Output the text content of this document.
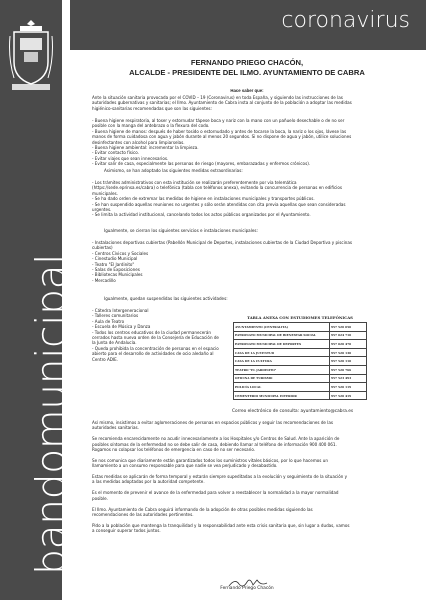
bandomunicipal
coronavirus
FERNANDO PRIEGO CHACÓN,
ALCALDE - PRESIDENTE DEL ILMO. AYUNTAMIENTO DE CABRA
Hace saber que:
Ante la situación sanitaria provocada por el COVID – 19 (Coronavirus) en toda España, y siguiendo las instrucciones de las
autoridades gubernativas y sanitarias; el Ilmo. Ayuntamiento de Cabra insta al conjunto de la población a adoptar las medidas
higiénico-sanitarias recomendadas que son las siguientes:
- Buena higiene respiratoria, al toser y estornudar tápese boca y nariz con la mano con un pañuelo desechable o de no ser
posible con la manga del antebrazo o la flexura del codo.
- Buena higiene de manos: después de haber tosido o estornudado y antes de tocarse la boca, la nariz o los ojos, lávese las
manos de forma cuidadosa con agua y jabón durante al menos 20 segundos. Si no dispone de agua y jabón, utilice soluciones
desinfectantes con alcohol para limpiarselas.
- Buena higiene ambiental: incrementar la limpieza.
- Evitar contacto físico.
- Evitar viajes que sean innecesarios.
- Evitar salir de casa, especialmente las personas de riesgo (mayores, embarazadas y enfermos crónicos).
Asimismo, se han adoptado las siguientes medidas extraordinarias:
- Los trámites administrativos con esta institución se realizarán preferentemente por vía telemática
(https://sede.eprinsa.es/cabra) o telefónica (tabla con teléfonos anexa), evitando la concurrencia de personas en edificios
municipales.
- Se ha dado orden de extremar las medidas de higiene en instalaciones municipales y transportes públicos.
- Se han suspendido aquellas reuniones no urgentes y sólo serán atendidas con cita previa aquellas que sean consideradas
urgentes.
- Se limita la actividad institucional, cancelando todos los actos públicos organizados por el Ayuntamiento.
Igualmente, se cierran los siguientes servicios e instalaciones municipales:
- Instalaciones deportivas cubiertas (Pabellón Municipal de Deportes, instalaciones cubiertas de la Ciudad Deportiva y piscinas
cubiertas)
- Centros Cívicos y Sociales
- Cinestudio Municipal
- Teatro "El Jardinito"
- Salas de Exposiciones
- Bibliotecas Municipales
- Mercadillo
Igualmente, quedan suspendidas las siguientes actividades:
- Cátedra Intergeneracional
- Talleres comunitarios
- Aula de Teatro
- Escuela de Música y Danza
- Todos los centros educativos de la ciudad permanecerán
cerrados hasta nueva orden de la Consejería de Educación de
la Junta de Andalucía.
- Queda prohibida la concentración de personas en el espacio
abierto para el desarrollo de actividades de ocio aledaño al
Centro ADIE.
TABLA ANEXA CON ESTUDIOMES TELEFÓNICAS
AYUNTAMIENTO (CENTRALITA)	957 520 050
PATRONATO MUNICIPAL DE BIENESTAR SOCIAL	957 024 710
PATRONATO MUNICIPAL DE DEPORTES	957 020 470
CASA DE LA JUVENTUD	957 520 130
CASA DE LA CULTURA	957 520 110
TEATRO "EL JARDINITO"	957 520 766
OFICINA DE TURISMO	957 523 493
POLICÍA LOCAL	957 520 119
CEMENTERIO MUNICIPAL INTERIOR	957 520 419
Correo electrónico de consulta: ayuntamiento@cabra.es
Así mismo, insistimos a evitar aglomeraciones de personas en espacios públicos y seguir las recomendaciones de las
autoridades sanitarias.

Se recomienda encarecidamente no acudir innecesariamente a los Hospitales y/o Centros de Salud. Ante la aparición de
posibles síntomas de la enfermedad no se debe salir de casa, debiendo llamar al teléfono de información 900 400 061.
Rogamos no colapsar los teléfonos de emergencia en caso de no ser necesario.

Se nos comunica que diariamente están garantizados todos los suministros vitales básicos, por lo que hacemos un
llamamiento a un consumo responsable para que nadie se vea perjudicado y desabastido.

Estas medidas se aplicarán de forma temporal y estarán siempre supeditadas a la evolución y seguimiento de la situación y
a las medidas adoptadas por la autoridad competente.

Es el momento de prevenir el avance de la enfermedad para volver a reestablecer la normalidad a la mayor normalidad
posible.

El Ilmo. Ayuntamiento de Cabra seguirá informando de la adopción de otras posibles medidas siguiendo las
recomendaciones de las autoridades pertinentes.

Pido a la población que mantenga la tranquilidad y la responsabilidad ante esta crisis sanitaria que, sin lugar a dudas, vamos
a conseguir superar todos juntos.
Fernando Priego Chacón
